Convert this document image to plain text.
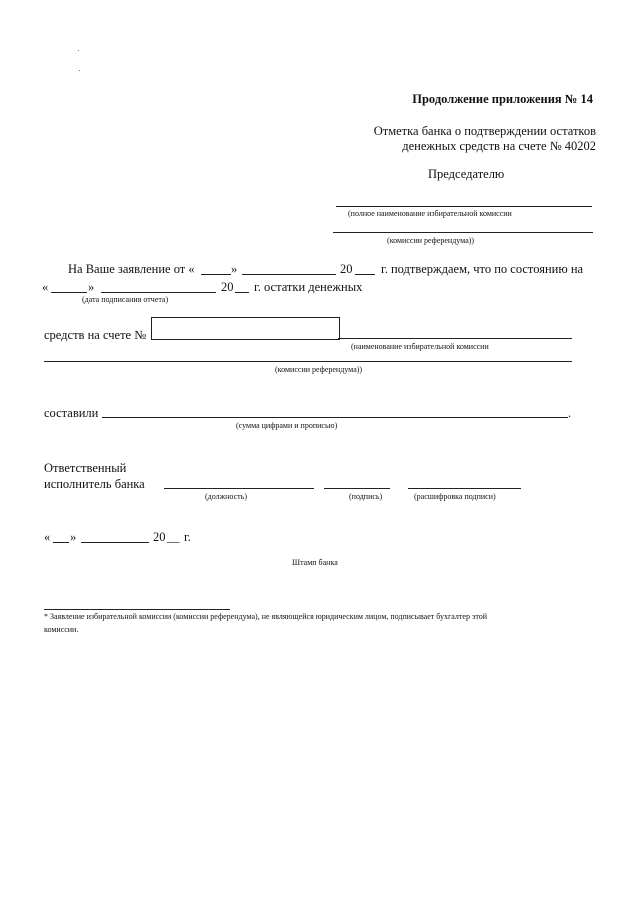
Продолжение приложения № 14
Отметка банка о подтверждении остатков
денежных средств на счете № 40202
Председателю
(полное наименование избирательной комиссии
(комиссии референдума))
На Ваше заявление от «	»	20 г. подтверждаем, что по состоянию на
«	»	20 г. остатки денежных
(дата подписания отчета)
средств на счете №
(наименование избирательной комиссии
(комиссии референдума))
составили	.
(сумма цифрами и прописью)
Ответственный
исполнитель банка
(должность)	(подпись)	(расшифровка подписи)
« »	20 __ г.
Штамп банка
* Заявление избирательной комиссии (комиссии референдума), не являющейся юридическим лицом, подписывает бухгалтер этой
комиссии.
